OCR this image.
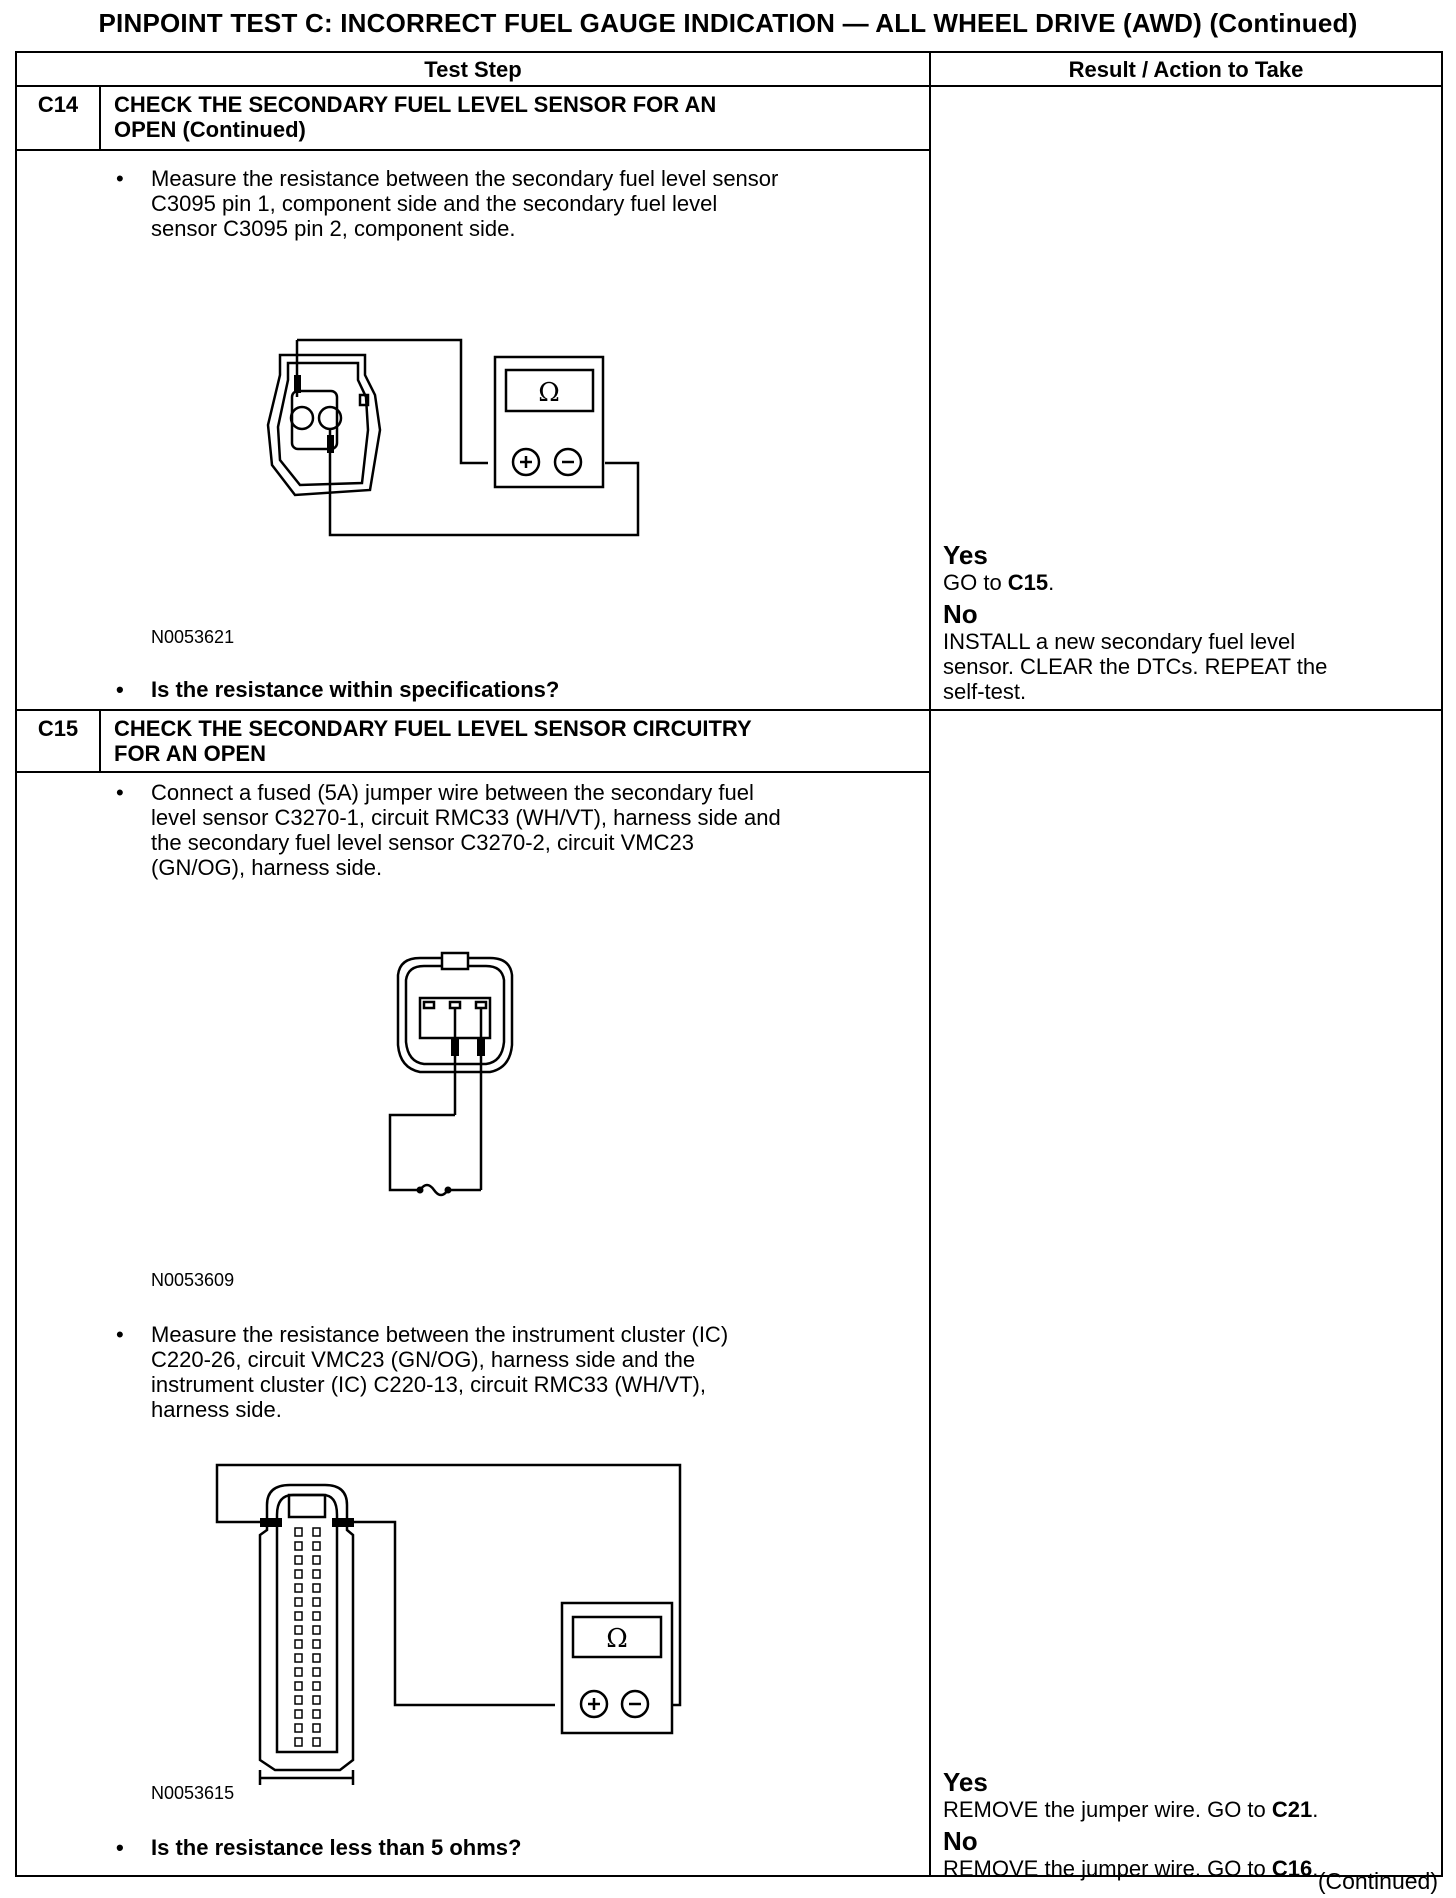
PINPOINT TEST C: INCORRECT FUEL GAUGE INDICATION — ALL WHEEL DRIVE (AWD) (Continued)
Test Step	Result / Action to Take
C14	CHECK THE SECONDARY FUEL LEVEL SENSOR FOR AN
OPEN (Continued)
• Measure the resistance between the secondary fuel level sensor
C3095 pin 1, component side and the secondary fuel level
sensor C3095 pin 2, component side.
Ω
N0053621
• Is the resistance within specifications?
Yes
GO to C15.
No
INSTALL a new secondary fuel level
sensor. CLEAR the DTCs. REPEAT the
self-test.
C15	CHECK THE SECONDARY FUEL LEVEL SENSOR CIRCUITRY
FOR AN OPEN
• Connect a fused (5A) jumper wire between the secondary fuel
level sensor C3270-1, circuit RMC33 (WH/VT), harness side and
the secondary fuel level sensor C3270-2, circuit VMC23
(GN/OG), harness side.
N0053609
• Measure the resistance between the instrument cluster (IC)
C220-26, circuit VMC23 (GN/OG), harness side and the
instrument cluster (IC) C220-13, circuit RMC33 (WH/VT),
harness side.
Ω
N0053615
• Is the resistance less than 5 ohms?
Yes
REMOVE the jumper wire. GO to C21.
No
REMOVE the jumper wire. GO to C16. (Continued)
